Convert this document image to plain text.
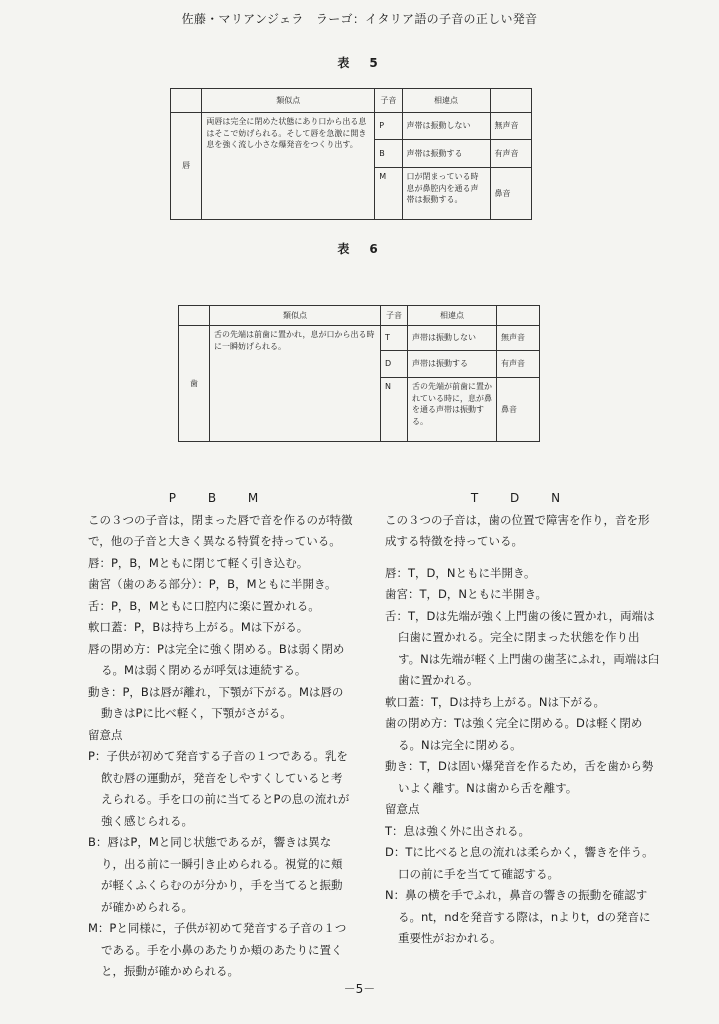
佐藤・マリアンジェラ　ラーゴ：イタリア語の子音の正しい発音
表　5
	類似点	子音	相違点	
唇	両唇は完全に閉めた状態にあり口から出る息はそこで妨げられる。そして唇を急激に開き息を強く流し小さな爆発音をつくり出す。	P	声帯は振動しない	無声音
		B	声帯は振動する	有声音
		M	口が閉まっている時息が鼻腔内を通る声帯は振動する。	鼻音
表　6
	類似点	子音	相違点	
歯	舌の先端は前歯に置かれ，息が口から出る時に一瞬妨げられる。	T	声帯は振動しない	無声音
		D	声帯は振動する	有声音
		N	舌の先端が前歯に置かれている時に，息が鼻を通る声帯は振動する。	鼻音

P B M

この３つの子音は，閉まった唇で音を作るのが特徴で，他の子音と大きく異なる特質を持っている。

唇：P，B，Mともに閉じて軽く引き込む。

歯宮（歯のある部分）：P，B，Mともに半開き。

舌：P，B，Mともに口腔内に楽に置かれる。

軟口蓋：P，Bは持ち上がる。Mは下がる。

唇の閉め方：Pは完全に強く閉める。Bは弱く閉める。Mは弱く閉めるが呼気は連続する。

動き：P，Bは唇が離れ，下顎が下がる。Mは唇の動きはPに比べ軽く，下顎がさがる。

留意点

P：子供が初めて発音する子音の１つである。乳を飲む唇の運動が，発音をしやすくしていると考えられる。手を口の前に当てるとPの息の流れが強く感じられる。

B：唇はP，Mと同じ状態であるが，響きは異なり，出る前に一瞬引き止められる。視覚的に頬が軽くふくらむのが分かり，手を当てると振動が確かめられる。

M：Pと同様に，子供が初めて発音する子音の１つである。手を小鼻のあたりか頬のあたりに置くと，振動が確かめられる。

T D N

この３つの子音は，歯の位置で障害を作り，音を形成する特徴を持っている。

唇：T，D，Nともに半開き。

歯宮：T，D，Nともに半開き。

舌：T，Dは先端が強く上門歯の後に置かれ，両端は臼歯に置かれる。完全に閉まった状態を作り出す。Nは先端が軽く上門歯の歯茎にふれ，両端は臼歯に置かれる。

軟口蓋：T，Dは持ち上がる。Nは下がる。

歯の閉め方：Tは強く完全に閉める。Dは軽く閉める。Nは完全に閉める。

動き：T，Dは固い爆発音を作るため，舌を歯から勢いよく離す。Nは歯から舌を離す。

留意点

T：息は強く外に出される。

D：Tに比べると息の流れは柔らかく，響きを伴う。口の前に手を当てて確認する。

N：鼻の横を手でふれ，鼻音の響きの振動を確認する。nt，ndを発音する際は，nよりt，dの発音に重要性がおかれる。

－5－
